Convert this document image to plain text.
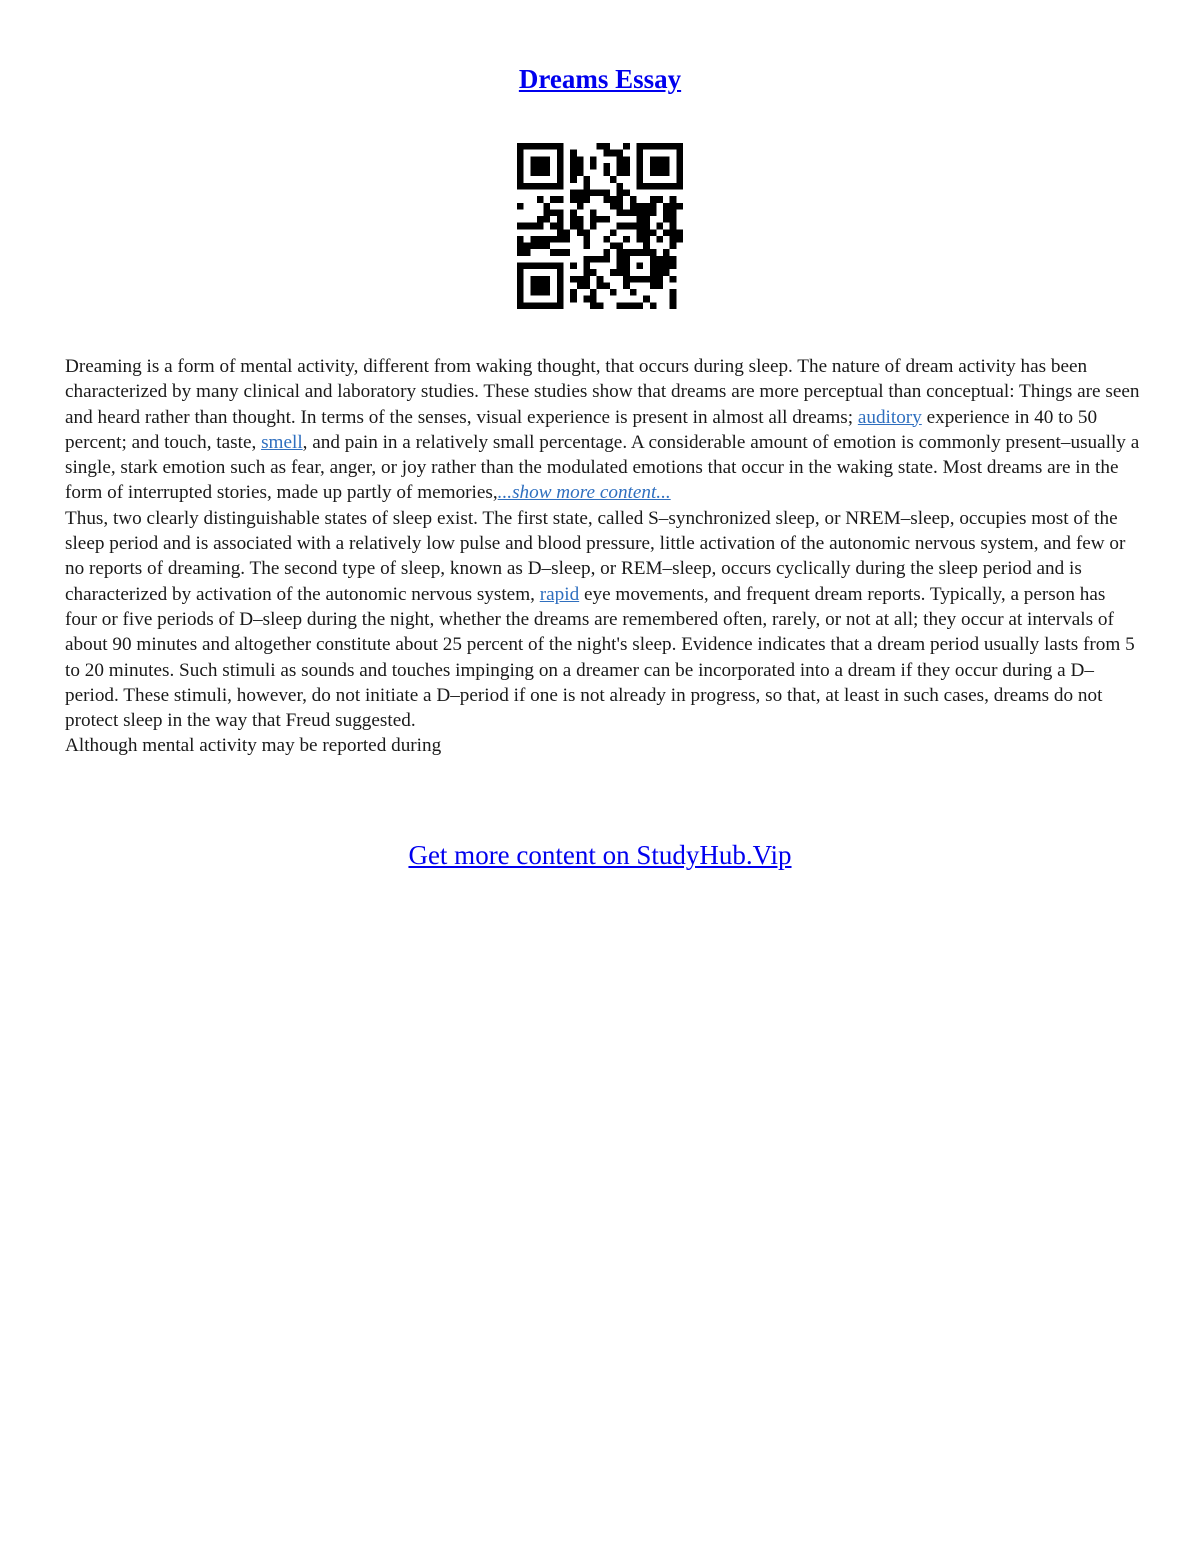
Dreams Essay

Dreaming is a form of mental activity, different from waking thought, that occurs during sleep. The nature of dream activity has been characterized by many clinical and laboratory studies. These studies show that dreams are more perceptual than conceptual: Things are seen and heard rather than thought. In terms of the senses, visual experience is present in almost all dreams; auditory experience in 40 to 50 percent; and touch, taste, smell, and pain in a relatively small percentage. A considerable amount of emotion is commonly present–usually a single, stark emotion such as fear, anger, or joy rather than the modulated emotions that occur in the waking state. Most dreams are in the form of interrupted stories, made up partly of memories,...show more content...

Thus, two clearly distinguishable states of sleep exist. The first state, called S–synchronized sleep, or NREM–sleep, occupies most of the sleep period and is associated with a relatively low pulse and blood pressure, little activation of the autonomic nervous system, and few or no reports of dreaming. The second type of sleep, known as D–sleep, or REM–sleep, occurs cyclically during the sleep period and is characterized by activation of the autonomic nervous system, rapid eye movements, and frequent dream reports. Typically, a person has four or five periods of D–sleep during the night, whether the dreams are remembered often, rarely, or not at all; they occur at intervals of about 90 minutes and altogether constitute about 25 percent of the night's sleep. Evidence indicates that a dream period usually lasts from 5 to 20 minutes. Such stimuli as sounds and touches impinging on a dreamer can be incorporated into a dream if they occur during a D–period. These stimuli, however, do not initiate a D–period if one is not already in progress, so that, at least in such cases, dreams do not protect sleep in the way that Freud suggested.

Although mental activity may be reported during

Get more content on StudyHub.Vip
